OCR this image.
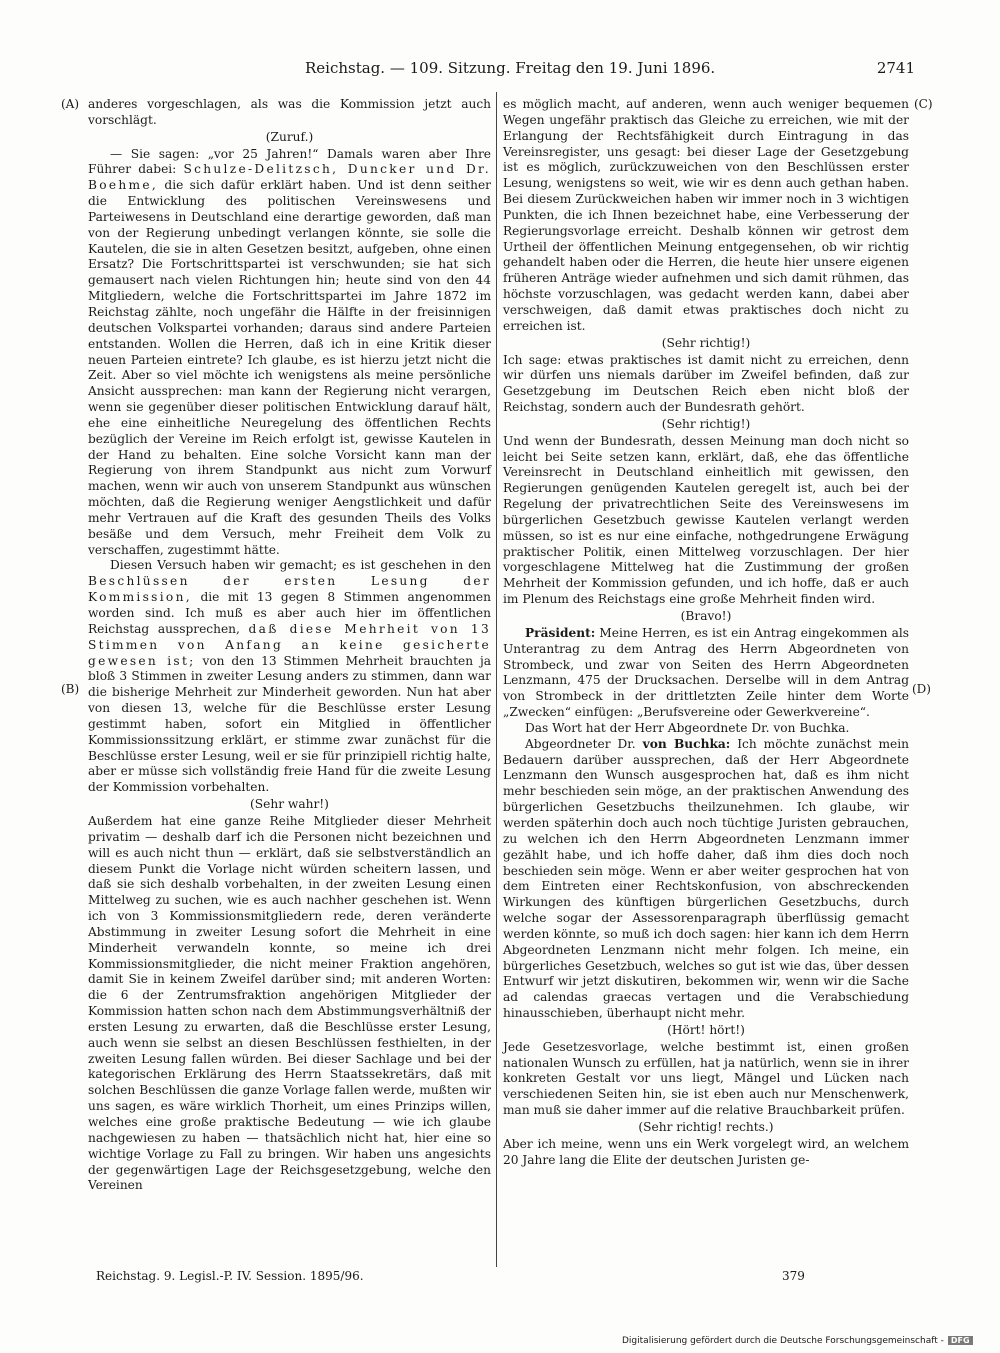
Reichstag. — 109. Sitzung. Freitag den 19. Juni 1896.	2741
(A)
(B)
(C)
(D)

anderes vorgeschlagen, als was die Kommission jetzt auch vorschlägt.

(Zuruf.)

— Sie sagen: „vor 25 Jahren!“ Damals waren aber Ihre Führer dabei: Schulze-Delitzsch, Duncker und Dr. Boehme, die sich dafür erklärt haben. Und ist denn seither die Entwicklung des politischen Vereinswesens und Parteiwesens in Deutschland eine derartige geworden, daß man von der Regierung unbedingt verlangen könnte, sie solle die Kautelen, die sie in alten Gesetzen besitzt, aufgeben, ohne einen Ersatz? Die Fortschrittspartei ist verschwunden; sie hat sich gemausert nach vielen Richtungen hin; heute sind von den 44 Mitgliedern, welche die Fortschrittspartei im Jahre 1872 im Reichstag zählte, noch ungefähr die Hälfte in der freisinnigen deutschen Volkspartei vorhanden; daraus sind andere Parteien entstanden. Wollen die Herren, daß ich in eine Kritik dieser neuen Parteien eintrete? Ich glaube, es ist hierzu jetzt nicht die Zeit. Aber so viel möchte ich wenigstens als meine persönliche Ansicht aussprechen: man kann der Regierung nicht verargen, wenn sie gegenüber dieser politischen Entwicklung darauf hält, ehe eine einheitliche Neuregelung des öffentlichen Rechts bezüglich der Vereine im Reich erfolgt ist, gewisse Kautelen in der Hand zu behalten. Eine solche Vorsicht kann man der Regierung von ihrem Standpunkt aus nicht zum Vorwurf machen, wenn wir auch von unserem Standpunkt aus wünschen möchten, daß die Regierung weniger Aengstlichkeit und dafür mehr Vertrauen auf die Kraft des gesunden Theils des Volks besäße und dem Versuch, mehr Freiheit dem Volk zu verschaffen, zugestimmt hätte.

Diesen Versuch haben wir gemacht; es ist geschehen in den Beschlüssen der ersten Lesung der Kommission, die mit 13 gegen 8 Stimmen angenommen worden sind. Ich muß es aber auch hier im öffentlichen Reichstag aussprechen, daß diese Mehrheit von 13 Stimmen von Anfang an keine gesicherte gewesen ist; von den 13 Stimmen Mehrheit brauchten ja bloß 3 Stimmen in zweiter Lesung anders zu stimmen, dann war die bisherige Mehrheit zur Minderheit geworden. Nun hat aber von diesen 13, welche für die Beschlüsse erster Lesung gestimmt haben, sofort ein Mitglied in öffentlicher Kommissionssitzung erklärt, er stimme zwar zunächst für die Beschlüsse erster Lesung, weil er sie für prinzipiell richtig halte, aber er müsse sich vollständig freie Hand für die zweite Lesung der Kommission vorbehalten.

(Sehr wahr!)

Außerdem hat eine ganze Reihe Mitglieder dieser Mehrheit privatim — deshalb darf ich die Personen nicht bezeichnen und will es auch nicht thun — erklärt, daß sie selbstverständlich an diesem Punkt die Vorlage nicht würden scheitern lassen, und daß sie sich deshalb vorbehalten, in der zweiten Lesung einen Mittelweg zu suchen, wie es auch nachher geschehen ist. Wenn ich von 3 Kommissionsmitgliedern rede, deren veränderte Abstimmung in zweiter Lesung sofort die Mehrheit in eine Minderheit verwandeln konnte, so meine ich drei Kommissionsmitglieder, die nicht meiner Fraktion angehören, damit Sie in keinem Zweifel darüber sind; mit anderen Worten: die 6 der Zentrumsfraktion angehörigen Mitglieder der Kommission hatten schon nach dem Abstimmungsverhältniß der ersten Lesung zu erwarten, daß die Beschlüsse erster Lesung, auch wenn sie selbst an diesen Beschlüssen festhielten, in der zweiten Lesung fallen würden. Bei dieser Sachlage und bei der kategorischen Erklärung des Herrn Staatssekretärs, daß mit solchen Beschlüssen die ganze Vorlage fallen werde, mußten wir uns sagen, es wäre wirklich Thorheit, um eines Prinzips willen, welches eine große praktische Bedeutung — wie ich glaube nachgewiesen zu haben — thatsächlich nicht hat, hier eine so wichtige Vorlage zu Fall zu bringen. Wir haben uns angesichts der gegenwärtigen Lage der Reichsgesetzgebung, welche den Vereinen

es möglich macht, auf anderen, wenn auch weniger bequemen Wegen ungefähr praktisch das Gleiche zu erreichen, wie mit der Erlangung der Rechtsfähigkeit durch Eintragung in das Vereinsregister, uns gesagt: bei dieser Lage der Gesetzgebung ist es möglich, zurückzuweichen von den Beschlüssen erster Lesung, wenigstens so weit, wie wir es denn auch gethan haben. Bei diesem Zurückweichen haben wir immer noch in 3 wichtigen Punkten, die ich Ihnen bezeichnet habe, eine Verbesserung der Regierungsvorlage erreicht. Deshalb können wir getrost dem Urtheil der öffentlichen Meinung entgegensehen, ob wir richtig gehandelt haben oder die Herren, die heute hier unsere eigenen früheren Anträge wieder aufnehmen und sich damit rühmen, das höchste vorzuschlagen, was gedacht werden kann, dabei aber verschweigen, daß damit etwas praktisches doch nicht zu erreichen ist.

(Sehr richtig!)

Ich sage: etwas praktisches ist damit nicht zu erreichen, denn wir dürfen uns niemals darüber im Zweifel befinden, daß zur Gesetzgebung im Deutschen Reich eben nicht bloß der Reichstag, sondern auch der Bundesrath gehört.

(Sehr richtig!)

Und wenn der Bundesrath, dessen Meinung man doch nicht so leicht bei Seite setzen kann, erklärt, daß, ehe das öffentliche Vereinsrecht in Deutschland einheitlich mit gewissen, den Regierungen genügenden Kautelen geregelt ist, auch bei der Regelung der privatrechtlichen Seite des Vereinswesens im bürgerlichen Gesetzbuch gewisse Kautelen verlangt werden müssen, so ist es nur eine einfache, nothgedrungene Erwägung praktischer Politik, einen Mittelweg vorzuschlagen. Der hier vorgeschlagene Mittelweg hat die Zustimmung der großen Mehrheit der Kommission gefunden, und ich hoffe, daß er auch im Plenum des Reichstags eine große Mehrheit finden wird.

(Bravo!)

Präsident: Meine Herren, es ist ein Antrag eingekommen als Unterantrag zu dem Antrag des Herrn Abgeordneten von Strombeck, und zwar von Seiten des Herrn Abgeordneten Lenzmann, 475 der Drucksachen. Derselbe will in dem Antrag von Strombeck in der drittletzten Zeile hinter dem Worte „Zwecken“ einfügen: „Berufsvereine oder Gewerkvereine“.

Das Wort hat der Herr Abgeordnete Dr. von Buchka.

Abgeordneter Dr. von Buchka: Ich möchte zunächst mein Bedauern darüber aussprechen, daß der Herr Abgeordnete Lenzmann den Wunsch ausgesprochen hat, daß es ihm nicht mehr beschieden sein möge, an der praktischen Anwendung des bürgerlichen Gesetzbuchs theilzunehmen. Ich glaube, wir werden späterhin doch auch noch tüchtige Juristen gebrauchen, zu welchen ich den Herrn Abgeordneten Lenzmann immer gezählt habe, und ich hoffe daher, daß ihm dies doch noch beschieden sein möge. Wenn er aber weiter gesprochen hat von dem Eintreten einer Rechtskonfusion, von abschreckenden Wirkungen des künftigen bürgerlichen Gesetzbuchs, durch welche sogar der Assessorenparagraph überflüssig gemacht werden könnte, so muß ich doch sagen: hier kann ich dem Herrn Abgeordneten Lenzmann nicht mehr folgen. Ich meine, ein bürgerliches Gesetzbuch, welches so gut ist wie das, über dessen Entwurf wir jetzt diskutiren, bekommen wir, wenn wir die Sache ad calendas graecas vertagen und die Verabschiedung hinausschieben, überhaupt nicht mehr.

(Hört! hört!)

Jede Gesetzesvorlage, welche bestimmt ist, einen großen nationalen Wunsch zu erfüllen, hat ja natürlich, wenn sie in ihrer konkreten Gestalt vor uns liegt, Mängel und Lücken nach verschiedenen Seiten hin, sie ist eben auch nur Menschenwerk, man muß sie daher immer auf die relative Brauchbarkeit prüfen.

(Sehr richtig! rechts.)

Aber ich meine, wenn uns ein Werk vorgelegt wird, an welchem 20 Jahre lang die Elite der deutschen Juristen ge-

Reichstag. 9. Legisl.-P. IV. Session. 1895/96.	379
Digitalisierung gefördert durch die Deutsche Forschungsgemeinschaft - DFG
